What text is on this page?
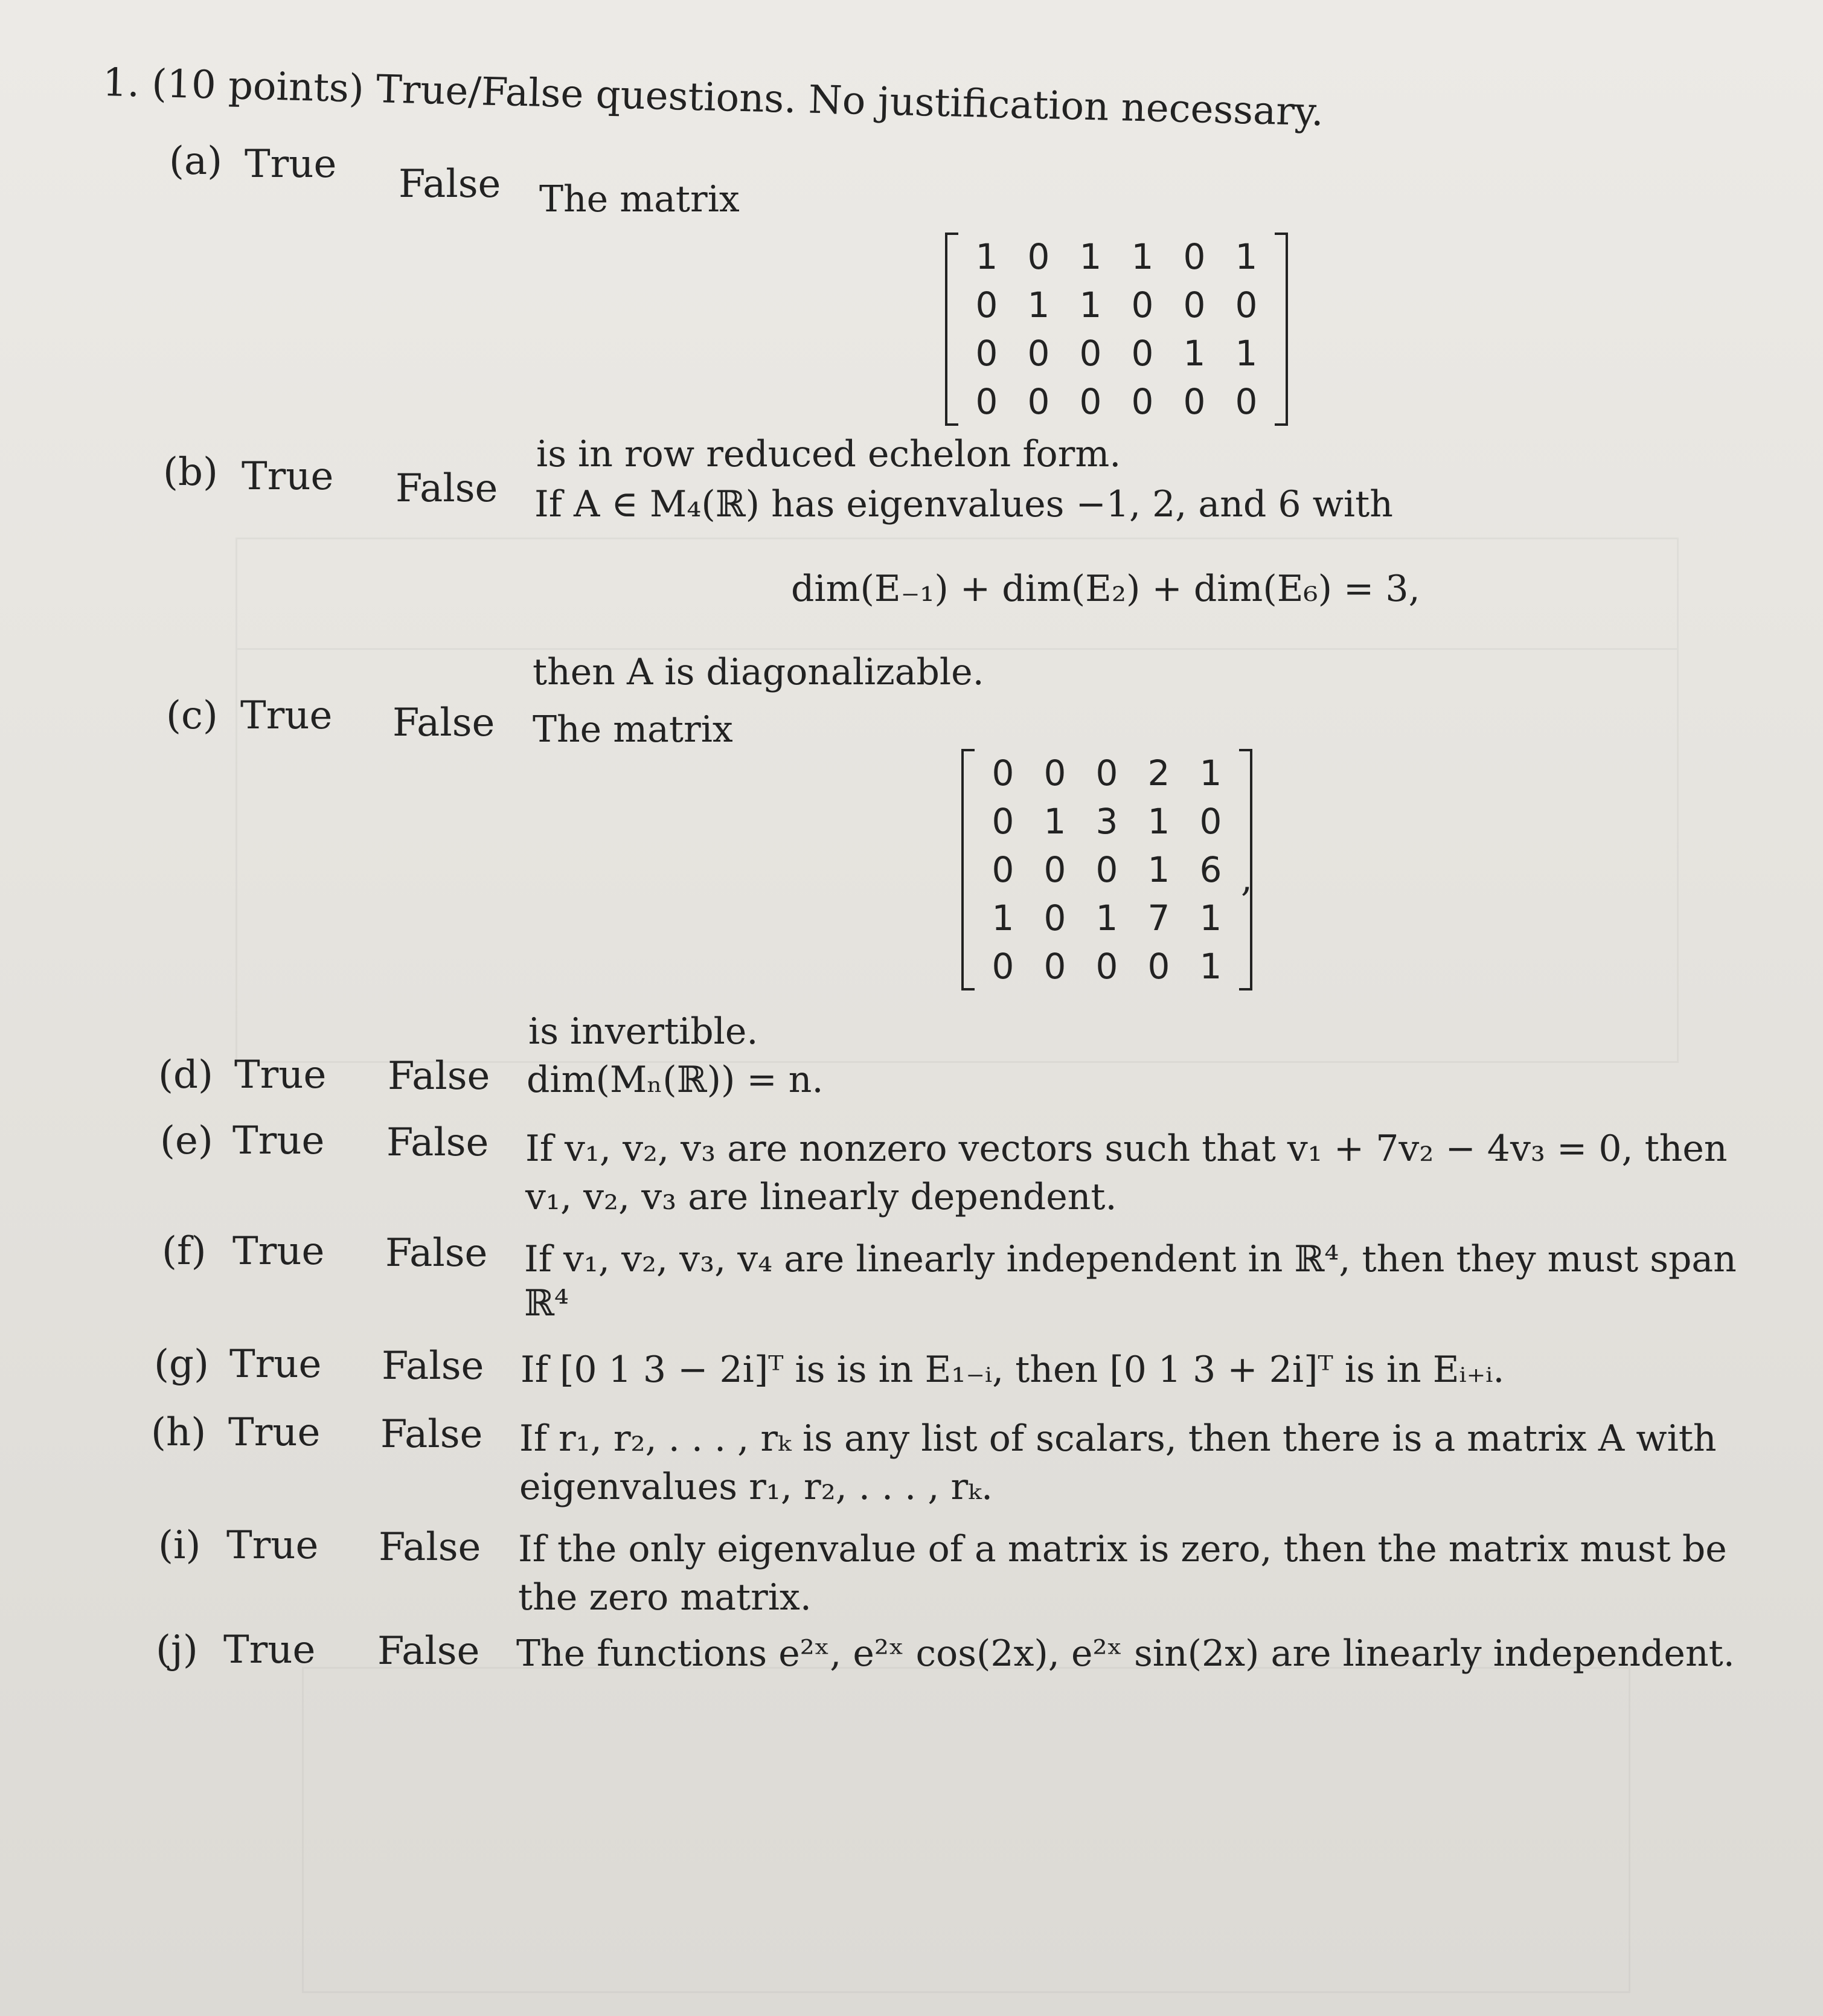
1. (10 points) True/False questions. No justification necessary.
(a) True False The matrix
1	0	1	1	0	1
0	1	1	0	0	0
0	0	0	0	1	1
0	0	0	0	0	0
is in row reduced echelon form.
(b) True False If A ∈ M₄(ℝ) has eigenvalues −1, 2, and 6 with
dim(E₋₁) + dim(E₂) + dim(E₆) = 3,
then A is diagonalizable.
(c) True False The matrix
0	0	0	2	1
0	1	3	1	0
0	0	0	1	6
1	0	1	7	1
0	0	0	0	1
,
is invertible.
(d) True False dim(Mₙ(ℝ)) = n.
(e) True False If v₁, v₂, v₃ are nonzero vectors such that v₁ + 7v₂ − 4v₃ = 0, then
v₁, v₂, v₃ are linearly dependent.
(f) True False If v₁, v₂, v₃, v₄ are linearly independent in ℝ⁴, then they must span
ℝ⁴
(g) True False If [0 1 3 − 2i]ᵀ is is in E₁₋ᵢ, then [0 1 3 + 2i]ᵀ is in Eᵢ₊ᵢ.
(h) True False If r₁, r₂, . . . , rₖ is any list of scalars, then there is a matrix A with
eigenvalues r₁, r₂, . . . , rₖ.
(i) True False If the only eigenvalue of a matrix is zero, then the matrix must be
the zero matrix.
(j) True False The functions e²ˣ, e²ˣ cos(2x), e²ˣ sin(2x) are linearly independent.
